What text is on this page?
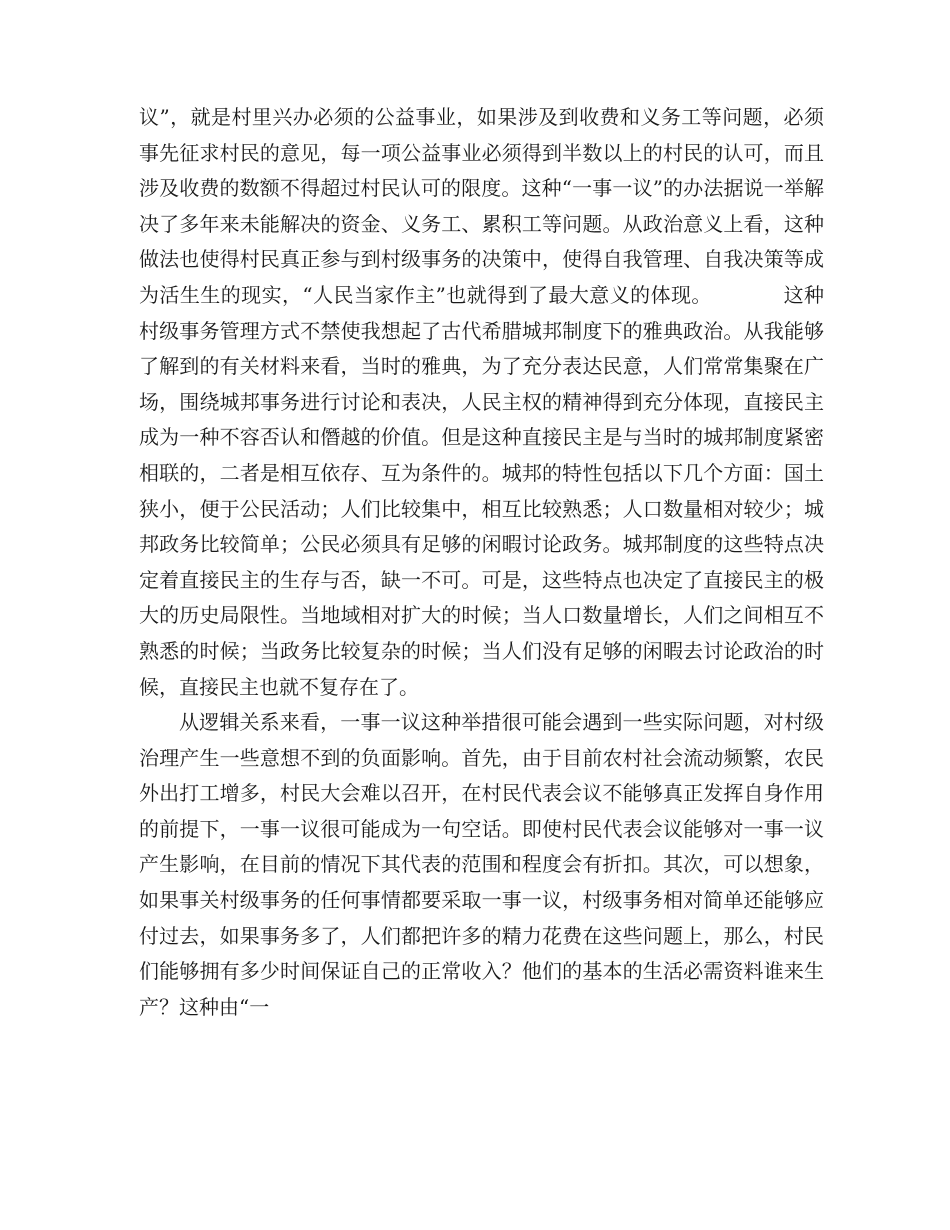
议”，就是村里兴办必须的公益事业，如果涉及到收费和义务工等问题，必须事先征求村民的意见，每一项公益事业必须得到半数以上的村民的认可，而且涉及收费的数额不得超过村民认可的限度。这种“一事一议”的办法据说一举解决了多年来未能解决的资金、义务工、累积工等问题。从政治意义上看，这种做法也使得村民真正参与到村级事务的决策中，使得自我管理、自我决策等成为活生生的现实，“人民当家作主”也就得到了最大意义的体现。　　　　这种村级事务管理方式不禁使我想起了古代希腊城邦制度下的雅典政治。从我能够了解到的有关材料来看，当时的雅典，为了充分表达民意，人们常常集聚在广场，围绕城邦事务进行讨论和表决，人民主权的精神得到充分体现，直接民主成为一种不容否认和僭越的价值。但是这种直接民主是与当时的城邦制度紧密相联的，二者是相互依存、互为条件的。城邦的特性包括以下几个方面：国土狭小，便于公民活动；人们比较集中，相互比较熟悉；人口数量相对较少；城邦政务比较简单；公民必须具有足够的闲暇讨论政务。城邦制度的这些特点决定着直接民主的生存与否，缺一不可。可是，这些特点也决定了直接民主的极大的历史局限性。当地域相对扩大的时候；当人口数量增长，人们之间相互不熟悉的时候；当政务比较复杂的时候；当人们没有足够的闲暇去讨论政治的时候，直接民主也就不复存在了。

从逻辑关系来看，一事一议这种举措很可能会遇到一些实际问题，对村级治理产生一些意想不到的负面影响。首先，由于目前农村社会流动频繁，农民外出打工增多，村民大会难以召开，在村民代表会议不能够真正发挥自身作用的前提下，一事一议很可能成为一句空话。即使村民代表会议能够对一事一议产生影响，在目前的情况下其代表的范围和程度会有折扣。其次，可以想象，如果事关村级事务的任何事情都要采取一事一议，村级事务相对简单还能够应付过去，如果事务多了，人们都把许多的精力花费在这些问题上，那么，村民们能够拥有多少时间保证自己的正常收入？他们的基本的生活必需资料谁来生产？这种由“一
